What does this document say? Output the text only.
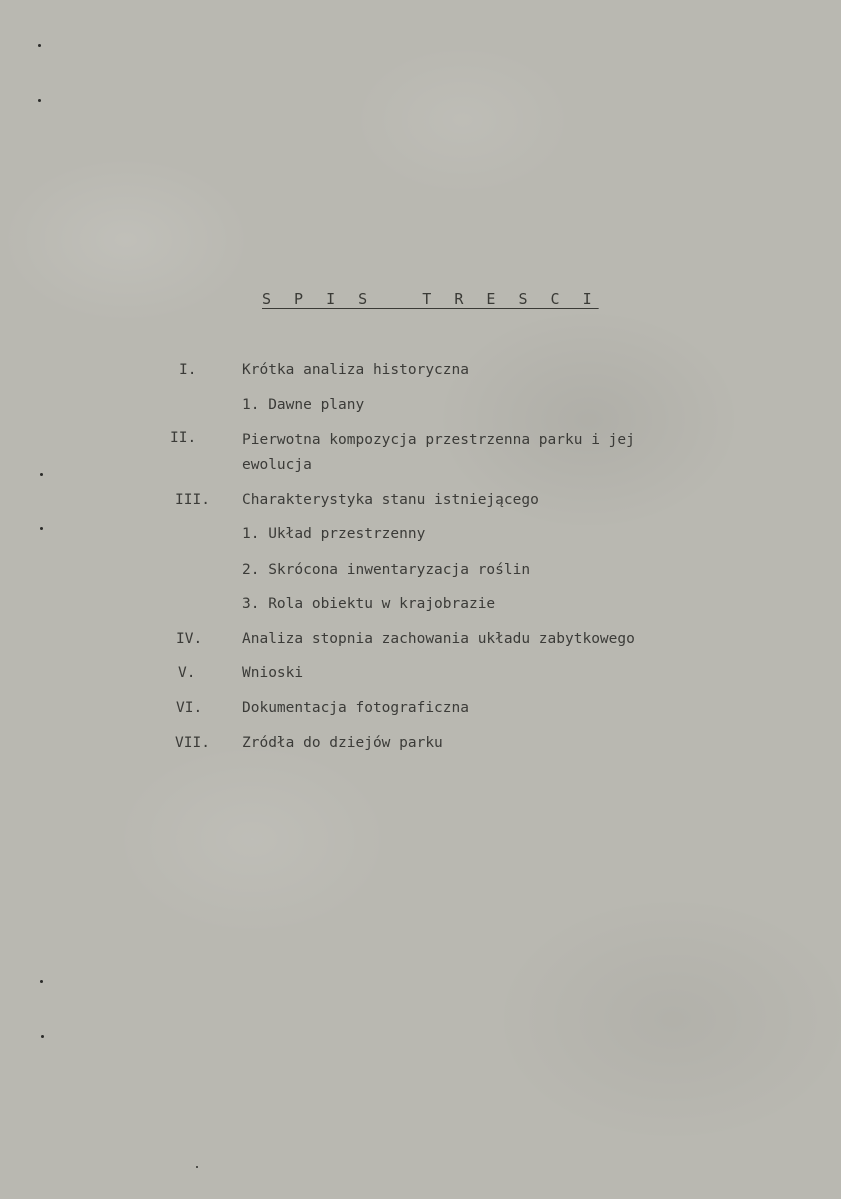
S P I S   T R E S C I
I.	Krótka analiza historyczna
1. Dawne plany
II.	Pierwotna kompozycja przestrzenna parku i jej
ewolucja
III. Charakterystyka stanu istniejącego
1. Układ przestrzenny
2. Skrócona inwentaryzacja roślin
3. Rola obiektu w krajobrazie
IV.	Analiza stopnia zachowania układu zabytkowego
V.	Wnioski
VI.	Dokumentacja fotograficzna
VII. Zródła do dziejów parku
